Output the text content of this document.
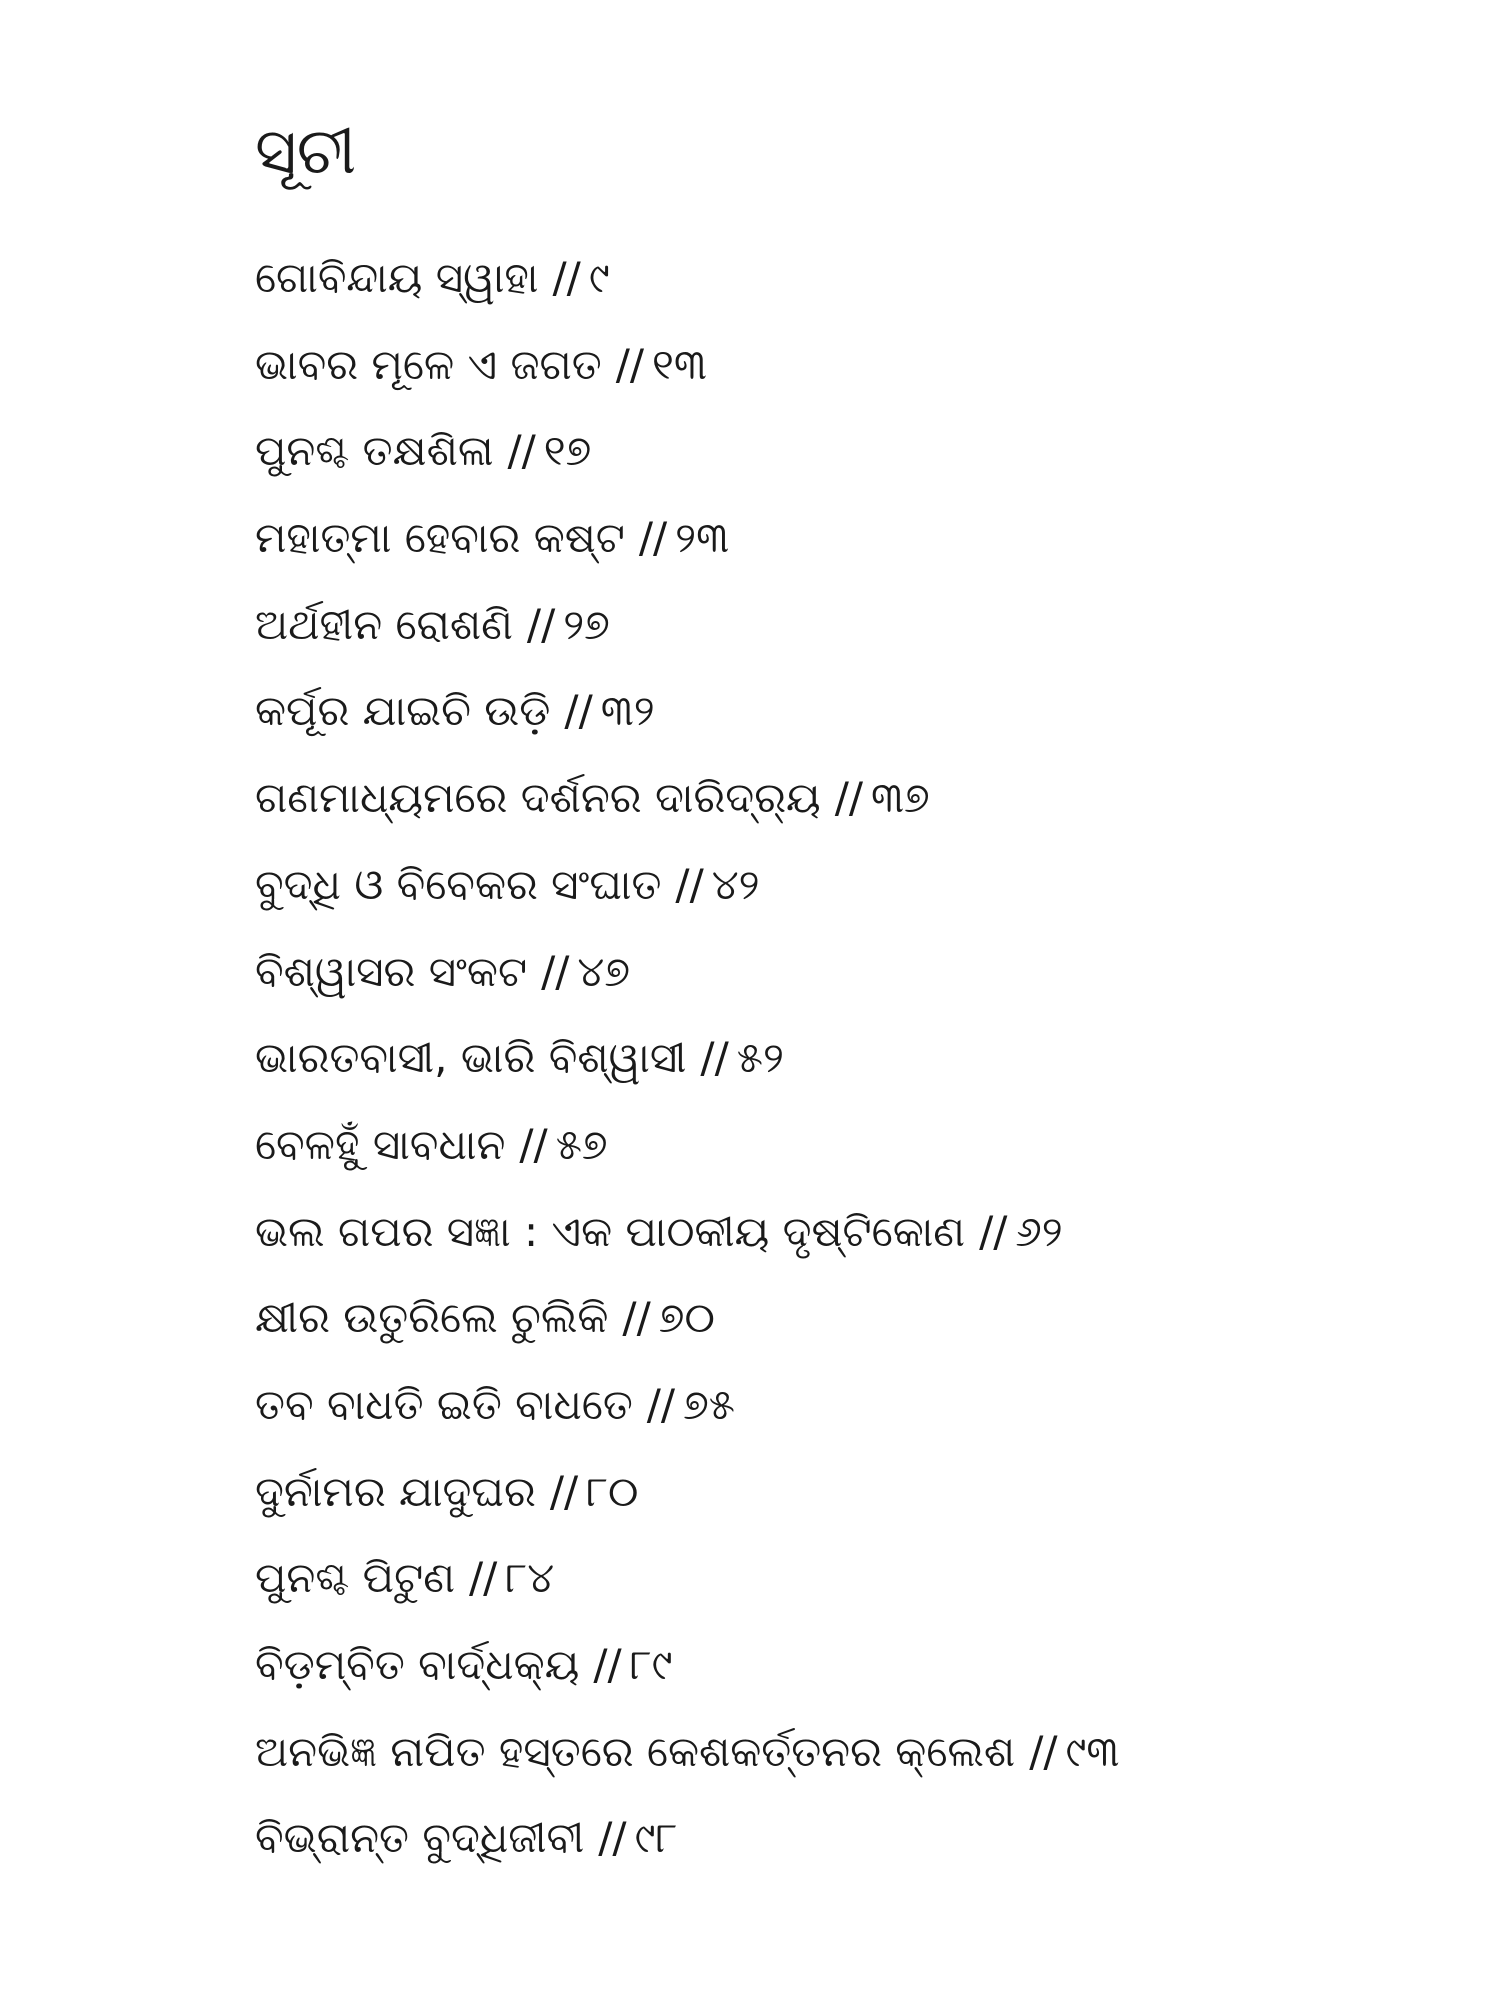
ସୂଚୀ
ଗୋବିନ୍ଦାୟ ସ୍ୱାହା // ୯
ଭାବର ମୂଳେ ଏ ଜଗତ // ୧୩
ପୁନଶ୍ଚ ତକ୍ଷଶିଳା // ୧୭
ମହାତ୍ମା ହେବାର କଷ୍ଟ // ୨୩
ଅର୍ଥହୀନ ରୋଶଣି // ୨୭
କର୍ପୂର ଯାଇଚି ଉଡ଼ି // ୩୨
ଗଣମାଧ୍ୟମରେ ଦର୍ଶନର ଦାରିଦ୍ର୍ୟ // ୩୭
ବୁଦ୍ଧି ଓ ବିବେକର ସଂଘାତ // ୪୨
ବିଶ୍ୱାସର ସଂକଟ // ୪୭
ଭାରତବାସୀ, ଭାରି ବିଶ୍ୱାସୀ // ୫୨
ବେଳହୁଁ ସାବଧାନ // ୫୭
ଭଲ ଗପର ସଜ୍ଞା : ଏକ ପାଠକୀୟ ଦୃଷ୍ଟିକୋଣ // ୬୨
କ୍ଷୀର ଉତୁରିଲେ ଚୁଲିକି // ୭୦
ତବ ବାଧତି ଇତି ବାଧତେ // ୭୫
ଦୁର୍ନାମର ଯାଦୁଘର // ୮୦
ପୁନଶ୍ଚ ପିଟୁଣ // ୮୪
ବିଡ଼ମ୍ବିତ ବାର୍ଦ୍ଧକ୍ୟ // ୮୯
ଅନଭିଜ୍ଞ ନାପିତ ହସ୍ତରେ କେଶକର୍ତ୍ତନର କ୍ଲେଶ // ୯୩
ବିଭ୍ରାନ୍ତ ବୁଦ୍ଧିଜୀବୀ // ୯୮
